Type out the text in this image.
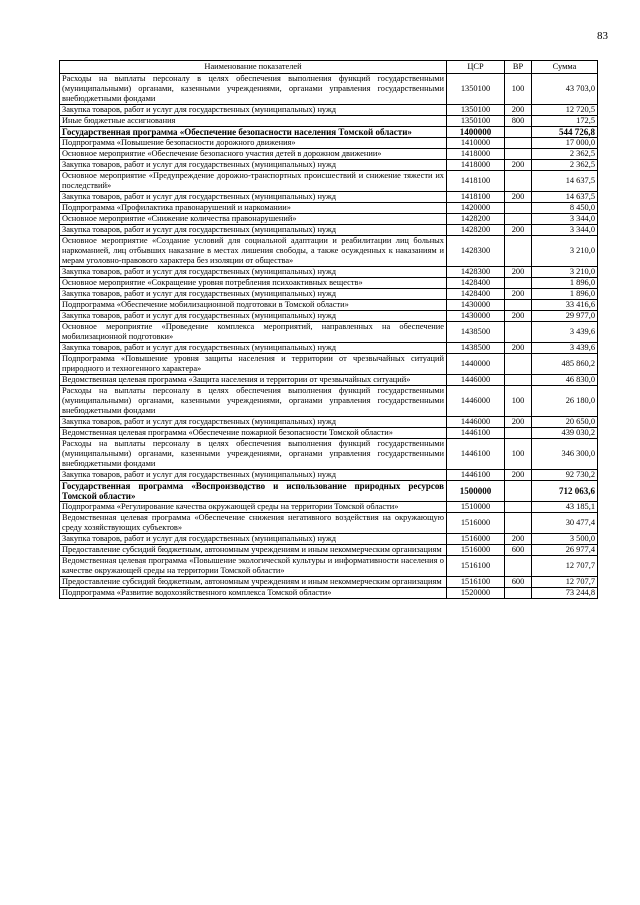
83
Наименование показателей	ЦСР	ВР	Сумма
Расходы на выплаты персоналу в целях обеспечения выполнения функций государственными (муниципальными) органами, казенными учреждениями, органами управления государственными внебюджетными фондами	1350100	100	43 703,0
Закупка товаров, работ и услуг для государственных (муниципальных) нужд	1350100	200	12 720,5
Иные бюджетные ассигнования	1350100	800	172,5
Государственная программа «Обеспечение безопасности населения Томской области»	1400000		544 726,8
Подпрограмма «Повышение безопасности дорожного движения»	1410000		17 000,0
Основное мероприятие «Обеспечение безопасного участия детей в дорожном движении»	1418000		2 362,5
Закупка товаров, работ и услуг для государственных (муниципальных) нужд	1418000	200	2 362,5
Основное мероприятие «Предупреждение дорожно-транспортных происшествий и снижение тяжести их последствий»	1418100		14 637,5
Закупка товаров, работ и услуг для государственных (муниципальных) нужд	1418100	200	14 637,5
Подпрограмма «Профилактика правонарушений и наркомании»	1420000		8 450,0
Основное мероприятие «Снижение количества правонарушений»	1428200		3 344,0
Закупка товаров, работ и услуг для государственных (муниципальных) нужд	1428200	200	3 344,0
Основное мероприятие «Создание условий для социальной адаптации и реабилитации лиц больных наркоманией, лиц отбывших наказание в местах лишения свободы, а также осужденных к наказаниям и мерам уголовно-правового характера без изоляции от общества»	1428300		3 210,0
Закупка товаров, работ и услуг для государственных (муниципальных) нужд	1428300	200	3 210,0
Основное мероприятие «Сокращение уровня потребления психоактивных веществ»	1428400		1 896,0
Закупка товаров, работ и услуг для государственных (муниципальных) нужд	1428400	200	1 896,0
Подпрограмма «Обеспечение мобилизационной подготовки в Томской области»	1430000		33 416,6
Закупка товаров, работ и услуг для государственных (муниципальных) нужд	1430000	200	29 977,0
Основное мероприятие «Проведение комплекса мероприятий, направленных на обеспечение мобилизационной подготовки»	1438500		3 439,6
Закупка товаров, работ и услуг для государственных (муниципальных) нужд	1438500	200	3 439,6
Подпрограмма «Повышение уровня защиты населения и территории от чрезвычайных ситуаций природного и техногенного характера»	1440000		485 860,2
Ведомственная целевая программа «Защита населения и территории от чрезвычайных ситуаций»	1446000		46 830,0
Расходы на выплаты персоналу в целях обеспечения выполнения функций государственными (муниципальными) органами, казенными учреждениями, органами управления государственными внебюджетными фондами	1446000	100	26 180,0
Закупка товаров, работ и услуг для государственных (муниципальных) нужд	1446000	200	20 650,0
Ведомственная целевая программа «Обеспечение пожарной безопасности Томской области»	1446100		439 030,2
Расходы на выплаты персоналу в целях обеспечения выполнения функций государственными (муниципальными) органами, казенными учреждениями, органами управления государственными внебюджетными фондами	1446100	100	346 300,0
Закупка товаров, работ и услуг для государственных (муниципальных) нужд	1446100	200	92 730,2
Государственная программа «Воспроизводство и использование природных ресурсов Томской области»	1500000		712 063,6
Подпрограмма «Регулирование качества окружающей среды на территории Томской области»	1510000		43 185,1
Ведомственная целевая программа «Обеспечение снижения негативного воздействия на окружающую среду хозяйствующих субъектов»	1516000		30 477,4
Закупка товаров, работ и услуг для государственных (муниципальных) нужд	1516000	200	3 500,0
Предоставление субсидий бюджетным, автономным учреждениям и иным некоммерческим организациям	1516000	600	26 977,4
Ведомственная целевая программа «Повышение экологической культуры и информативности населения о качестве окружающей среды на территории Томской области»	1516100		12 707,7
Предоставление субсидий бюджетным, автономным учреждениям и иным некоммерческим организациям	1516100	600	12 707,7
Подпрограмма «Развитие водохозяйственного комплекса Томской области»	1520000		73 244,8
